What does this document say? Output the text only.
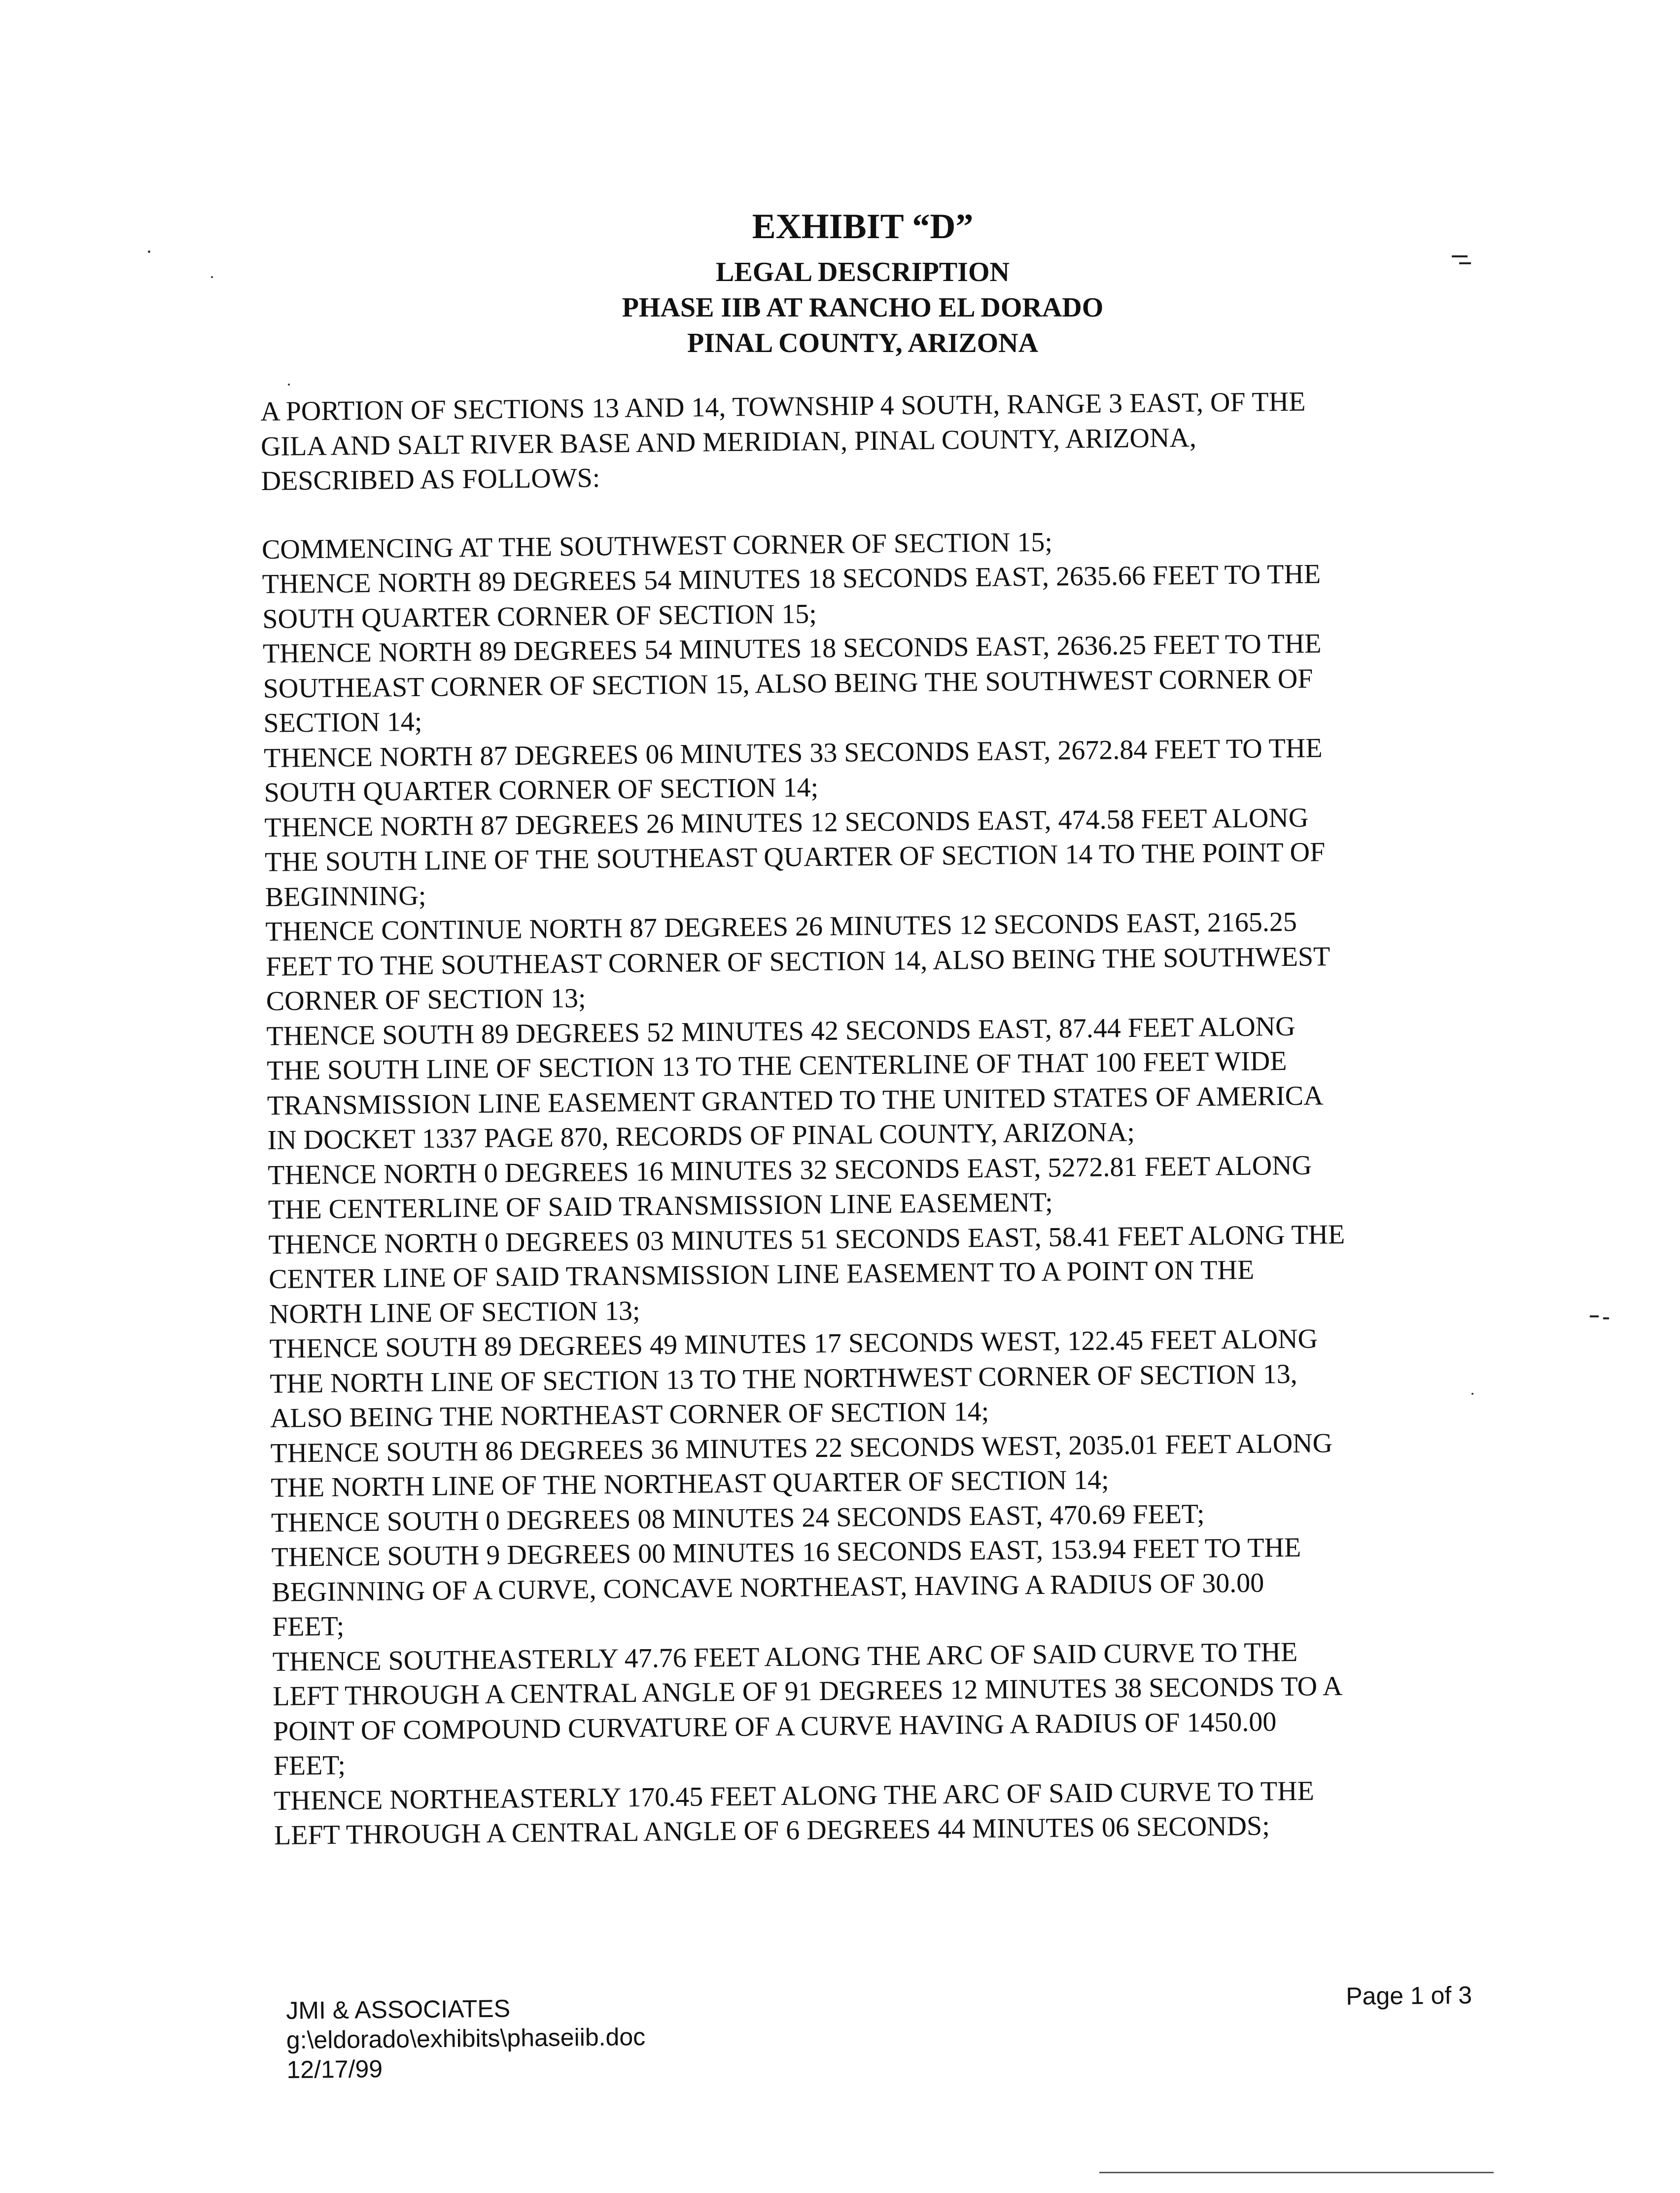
EXHIBIT “D”
LEGAL DESCRIPTION
PHASE IIB AT RANCHO EL DORADO
PINAL COUNTY, ARIZONA
A PORTION OF SECTIONS 13 AND 14, TOWNSHIP 4 SOUTH, RANGE 3 EAST, OF THE
GILA AND SALT RIVER BASE AND MERIDIAN, PINAL COUNTY, ARIZONA,
DESCRIBED AS FOLLOWS:
COMMENCING AT THE SOUTHWEST CORNER OF SECTION 15;
THENCE NORTH 89 DEGREES 54 MINUTES 18 SECONDS EAST, 2635.66 FEET TO THE
SOUTH QUARTER CORNER OF SECTION 15;
THENCE NORTH 89 DEGREES 54 MINUTES 18 SECONDS EAST, 2636.25 FEET TO THE
SOUTHEAST CORNER OF SECTION 15, ALSO BEING THE SOUTHWEST CORNER OF
SECTION 14;
THENCE NORTH 87 DEGREES 06 MINUTES 33 SECONDS EAST, 2672.84 FEET TO THE
SOUTH QUARTER CORNER OF SECTION 14;
THENCE NORTH 87 DEGREES 26 MINUTES 12 SECONDS EAST, 474.58 FEET ALONG
THE SOUTH LINE OF THE SOUTHEAST QUARTER OF SECTION 14 TO THE POINT OF
BEGINNING;
THENCE CONTINUE NORTH 87 DEGREES 26 MINUTES 12 SECONDS EAST, 2165.25
FEET TO THE SOUTHEAST CORNER OF SECTION 14, ALSO BEING THE SOUTHWEST
CORNER OF SECTION 13;
THENCE SOUTH 89 DEGREES 52 MINUTES 42 SECONDS EAST, 87.44 FEET ALONG
THE SOUTH LINE OF SECTION 13 TO THE CENTERLINE OF THAT 100 FEET WIDE
TRANSMISSION LINE EASEMENT GRANTED TO THE UNITED STATES OF AMERICA
IN DOCKET 1337 PAGE 870, RECORDS OF PINAL COUNTY, ARIZONA;
THENCE NORTH 0 DEGREES 16 MINUTES 32 SECONDS EAST, 5272.81 FEET ALONG
THE CENTERLINE OF SAID TRANSMISSION LINE EASEMENT;
THENCE NORTH 0 DEGREES 03 MINUTES 51 SECONDS EAST, 58.41 FEET ALONG THE
CENTER LINE OF SAID TRANSMISSION LINE EASEMENT TO A POINT ON THE
NORTH LINE OF SECTION 13;
THENCE SOUTH 89 DEGREES 49 MINUTES 17 SECONDS WEST, 122.45 FEET ALONG
THE NORTH LINE OF SECTION 13 TO THE NORTHWEST CORNER OF SECTION 13,
ALSO BEING THE NORTHEAST CORNER OF SECTION 14;
THENCE SOUTH 86 DEGREES 36 MINUTES 22 SECONDS WEST, 2035.01 FEET ALONG
THE NORTH LINE OF THE NORTHEAST QUARTER OF SECTION 14;
THENCE SOUTH 0 DEGREES 08 MINUTES 24 SECONDS EAST, 470.69 FEET;
THENCE SOUTH 9 DEGREES 00 MINUTES 16 SECONDS EAST, 153.94 FEET TO THE
BEGINNING OF A CURVE, CONCAVE NORTHEAST, HAVING A RADIUS OF 30.00
FEET;
THENCE SOUTHEASTERLY 47.76 FEET ALONG THE ARC OF SAID CURVE TO THE
LEFT THROUGH A CENTRAL ANGLE OF 91 DEGREES 12 MINUTES 38 SECONDS TO A
POINT OF COMPOUND CURVATURE OF A CURVE HAVING A RADIUS OF 1450.00
FEET;
THENCE NORTHEASTERLY 170.45 FEET ALONG THE ARC OF SAID CURVE TO THE
LEFT THROUGH A CENTRAL ANGLE OF 6 DEGREES 44 MINUTES 06 SECONDS;
JMI & ASSOCIATES
g:\eldorado\exhibits\phaseiib.doc
12/17/99
Page 1 of 3
